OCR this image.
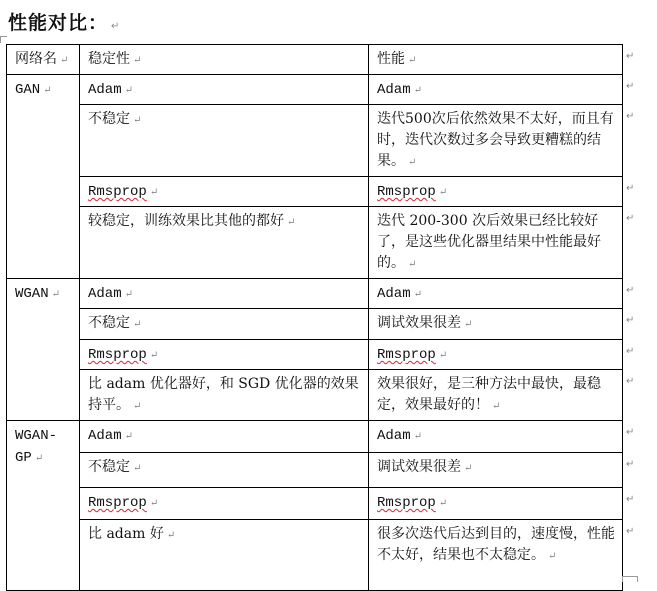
性能对比： ↵
网络名 ↵	稳定性 ↵	性能 ↵
GAN ↵	Adam ↵	Adam ↵
	不稳定 ↵	迭代500次后依然效果不太好，而且有时，迭代次数过多会导致更糟糕的结果。 ↵
	Rmsprop ↵	Rmsprop ↵
	较稳定，训练效果比其他的都好 ↵	迭代 200-300 次后效果已经比较好了，是这些优化器里结果中性能最好的。 ↵
WGAN ↵	Adam ↵	Adam ↵
	不稳定 ↵	调试效果很差 ↵
	Rmsprop ↵	Rmsprop ↵
	比 adam 优化器好，和 SGD 优化器的效果持平。 ↵	效果很好，是三种方法中最快，最稳定，效果最好的！ ↵
WGAN-GP ↵	Adam ↵	Adam ↵
	不稳定 ↵	调试效果很差 ↵
	Rmsprop ↵	Rmsprop ↵
	比 adam 好 ↵	很多次迭代后达到目的，速度慢，性能不太好，结果也不太稳定。 ↵
↵
↵
↵
↵
↵
↵
↵
↵
↵
↵
↵
↵
↵
